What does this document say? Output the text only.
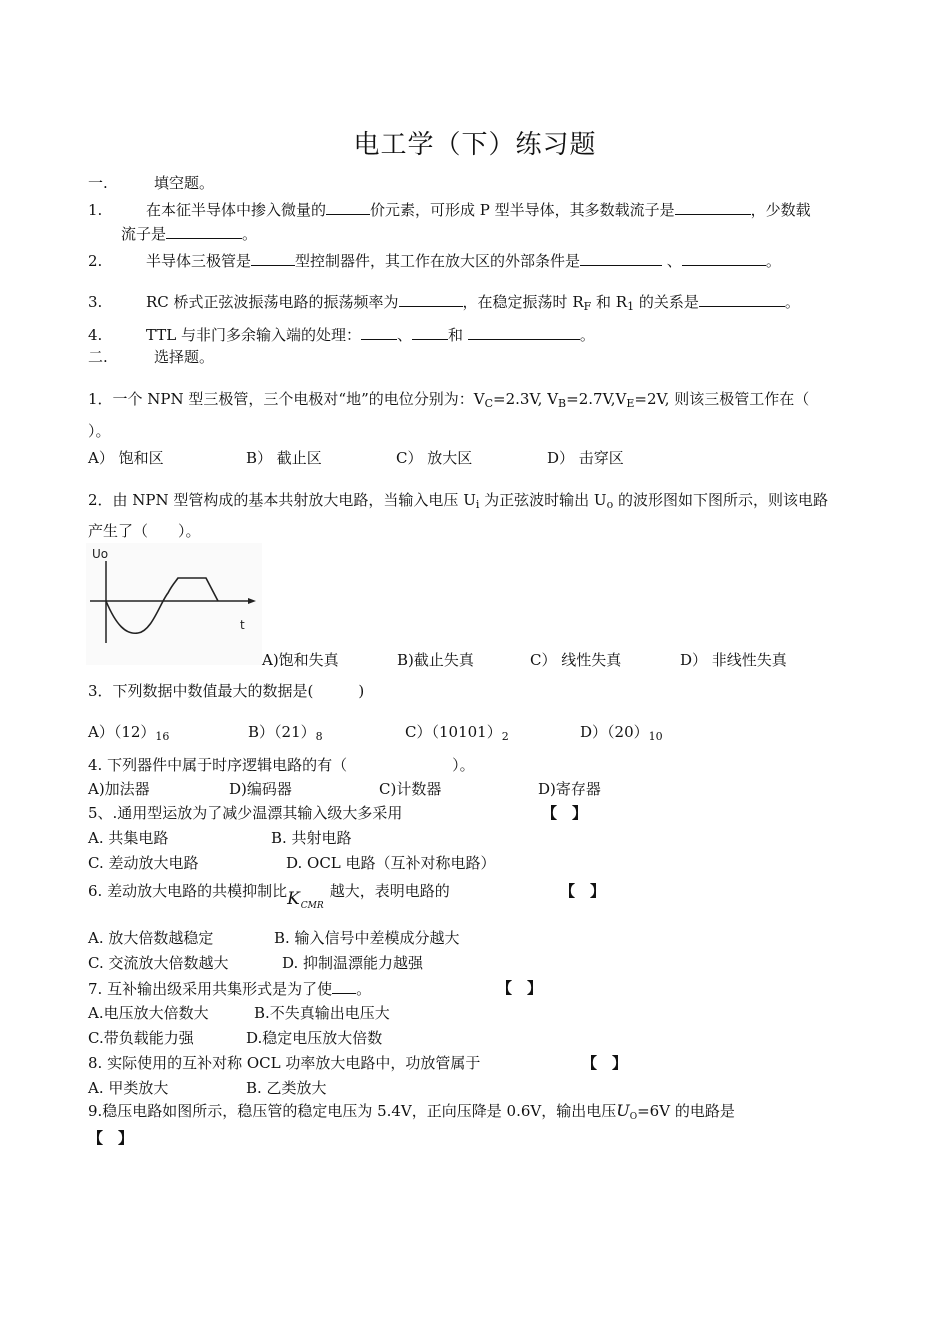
电工学（下）练习题
一.	填空题。
1.	在本征半导体中掺入微量的	价元素，可形成 P 型半导体，其多数载流子是	，少数载
流子是	。
2.	半导体三极管是	型控制器件，其工作在放大区的外部条件是	、	。
3.	RC 桥式正弦波振荡电路的振荡频率为	，在稳定振荡时 $R_F$ 和 $R_1$ 的关系是	。
4.	TTL 与非门多余输入端的处理： 、 和	。
二.	选择题。
1．一个 NPN 型三极管，三个电极对“地”的电位分别为：$V_C=2.3V$, $V_B=2.7V,V_E=2V$, 则该三极管工作在（
）。
A） 饱和区	B） 截止区	C） 放大区	D） 击穿区
2．由 NPN 型管构成的基本共射放大电路，当输入电压 $U_i$ 为正弦波时输出 $U_o$ 的波形图如下图所示，则该电路
产生了（　　）。
Uo
t
A)饱和失真	B)截止失真	C） 线性失真	D） 非线性失真
3．下列数据中数值最大的数据是(　　　)
$A)(12)_{16}$	$B)(21)_8$	$C)(10101)_2$	$D)(20)_{10}$
4. 下列器件中属于时序逻辑电路的有（　　　　　　　）。
A)加法器	D)编码器	C)计数器	D)寄存器
5、.通用型运放为了减少温漂其输入级大多采用	【　】
A. 共集电路	B. 共射电路
C. 差动放大电路	D. OCL 电路（互补对称电路）
6. 差动放大电路的共模抑制比$K_{CMR}$越大，表明电路的	【　】
A. 放大倍数越稳定	B. 输入信号中差模成分越大
C. 交流放大倍数越大	D. 抑制温漂能力越强
7. 互补输出级采用共集形式是为了使 。	【　】
A.电压放大倍数大	B.不失真输出电压大
C.带负载能力强	D.稳定电压放大倍数
8. 实际使用的互补对称 OCL 功率放大电路中，功放管属于	【　】
A. 甲类放大	B. 乙类放大
9.稳压电路如图所示，稳压管的稳定电压为 5.4V，正向压降是 0.6V，输出电压UO=6V 的电路是
【　】
